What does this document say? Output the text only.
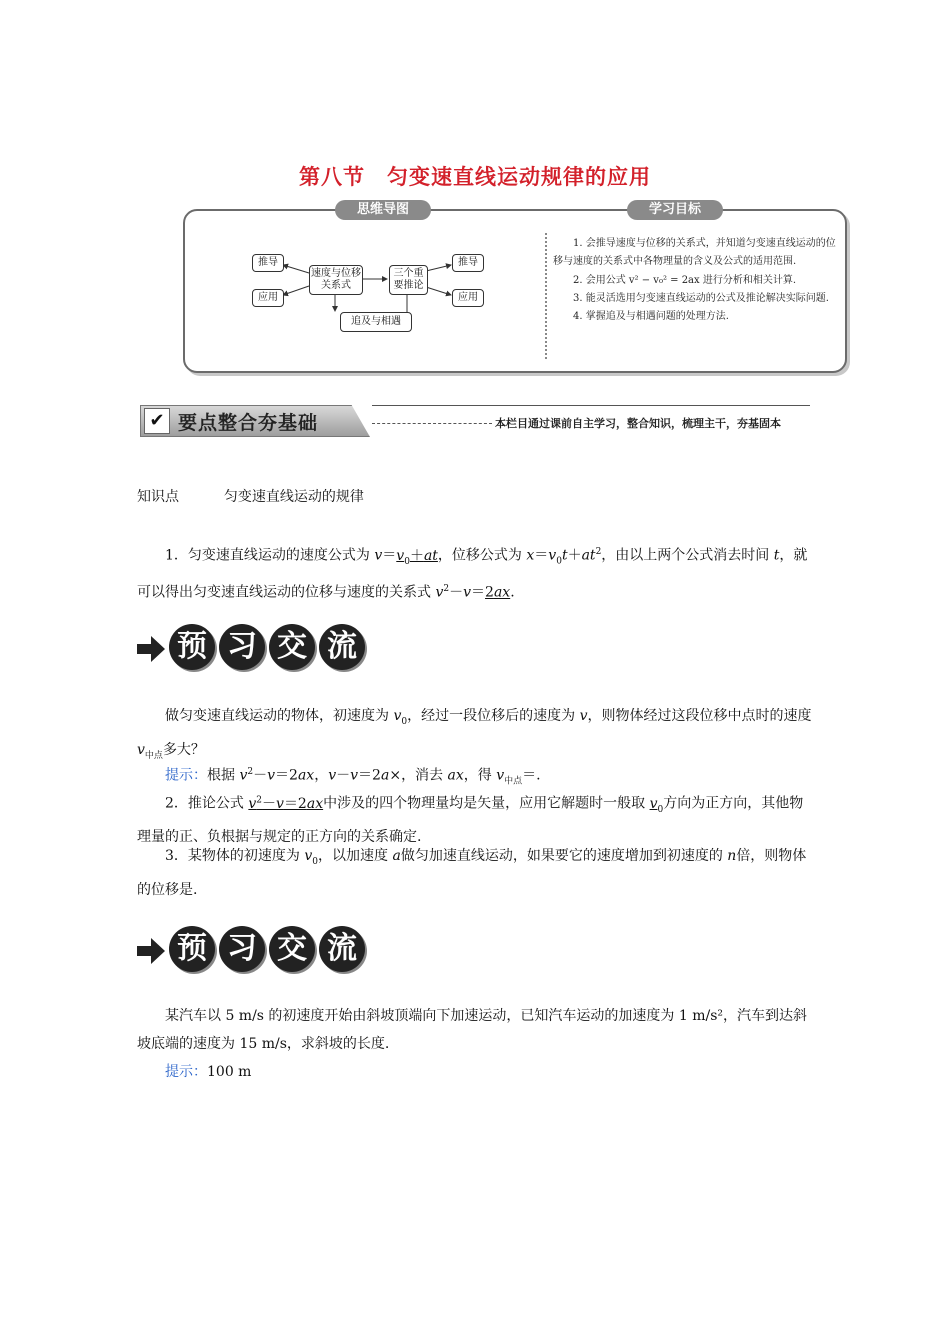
第八节　匀变速直线运动规律的应用
思维导图	学习目标
推导
应用
速度与位移关系式
三个重要推论
推导
应用
追及与相遇

1. 会推导速度与位移的关系式，并知道匀变速直线运动的位移与速度的关系式中各物理量的含义及公式的适用范围.

2. 会用公式 v² − v₀² = 2ax 进行分析和相关计算.

3. 能灵活选用匀变速直线运动的公式及推论解决实际问题.

4. 掌握追及与相遇问题的处理方法.

✔ 要点整合夯基础	本栏目通过课前自主学习，整合知识，梳理主干，夯基固本
知识点	匀变速直线运动的规律
1．匀变速直线运动的速度公式为 $v=v_0+at$，位移公式为 $x=v_0t+at^2$，由以上两个公式消去时间 t，就可以得出匀变速直线运动的位移与速度的关系式 $v^2-v=2ax$.
预 习 交 流
做匀变速直线运动的物体，初速度为 $v_0$，经过一段位移后的速度为 v，则物体经过这段位移中点时的速度 $v_{中点}$多大？
提示：根据 $v^2-v=2ax$，v－v＝2a×，消去 ax，得 $v_{中点}=$.
2．推论公式 $v^2-v=2ax$中涉及的四个物理量均是矢量，应用它解题时一般取 $v_0$方向为正方向，其他物理量的正、负根据与规定的正方向的关系确定.
3．某物体的初速度为 $v_0$，以加速度 a做匀加速直线运动，如果要它的速度增加到初速度的 n倍，则物体的位移是.
预 习 交 流
某汽车以 5 m/s 的初速度开始由斜坡顶端向下加速运动，已知汽车运动的加速度为 1 m/s²，汽车到达斜坡底端的速度为 15 m/s，求斜坡的长度.
提示：100 m
